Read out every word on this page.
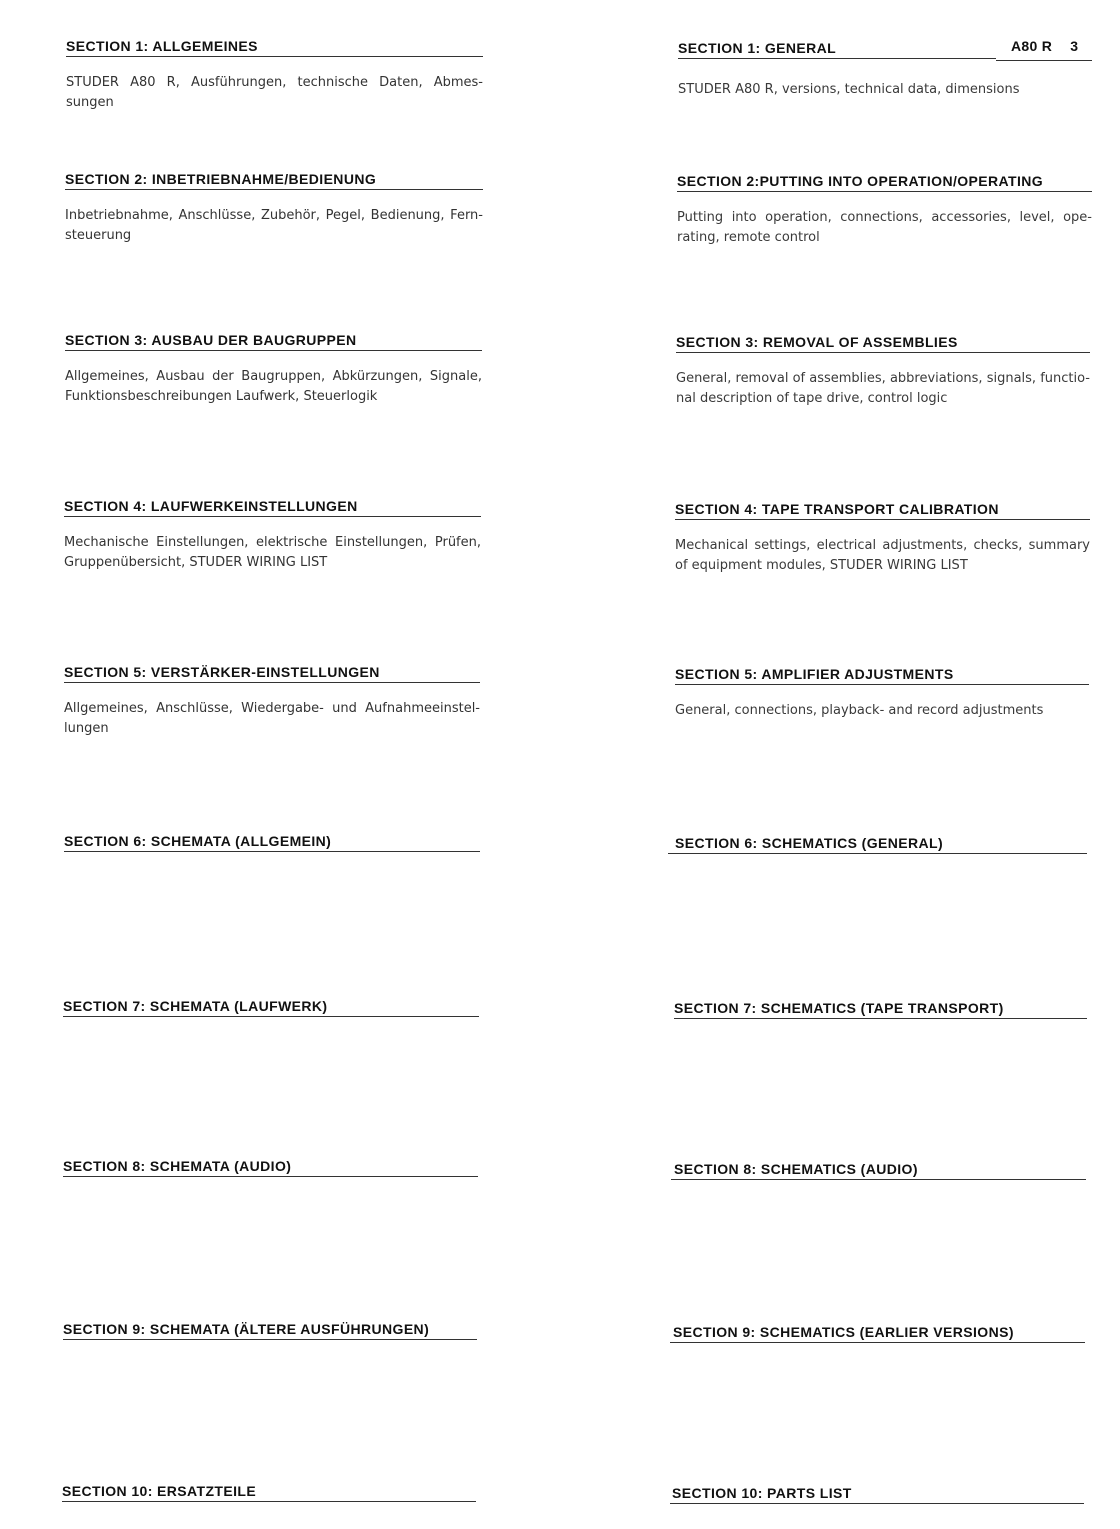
A80 R 3
SECTION 1: ALLGEMEINES
STUDER A80 R, Ausführungen, technische Daten, Abmes-sungen
SECTION 2: INBETRIEBNAHME/BEDIENUNG
Inbetriebnahme, Anschlüsse, Zubehör, Pegel, Bedienung, Fern-steuerung
SECTION 3: AUSBAU DER BAUGRUPPEN
Allgemeines, Ausbau der Baugruppen, Abkürzungen, Signale, Funktionsbeschreibungen Laufwerk, Steuerlogik
SECTION 4: LAUFWERKEINSTELLUNGEN
Mechanische Einstellungen, elektrische Einstellungen, Prüfen, Gruppenübersicht, STUDER WIRING LIST
SECTION 5: VERSTÄRKER-EINSTELLUNGEN
Allgemeines, Anschlüsse, Wiedergabe- und Aufnahmeeinstel-lungen
SECTION 6: SCHEMATA (ALLGEMEIN)
SECTION 7: SCHEMATA (LAUFWERK)
SECTION 8: SCHEMATA (AUDIO)
SECTION 9: SCHEMATA (ÄLTERE AUSFÜHRUNGEN)
SECTION 10: ERSATZTEILE
SECTION 1: GENERAL
STUDER A80 R, versions, technical data, dimensions
SECTION 2:PUTTING INTO OPERATION/OPERATING
Putting into operation, connections, accessories, level, ope-rating, remote control
SECTION 3: REMOVAL OF ASSEMBLIES
General, removal of assemblies, abbreviations, signals, functio-nal description of tape drive, control logic
SECTION 4: TAPE TRANSPORT CALIBRATION
Mechanical settings, electrical adjustments, checks, summary of equipment modules, STUDER WIRING LIST
SECTION 5: AMPLIFIER ADJUSTMENTS
General, connections, playback- and record adjustments
SECTION 6: SCHEMATICS (GENERAL)
SECTION 7: SCHEMATICS (TAPE TRANSPORT)
SECTION 8: SCHEMATICS (AUDIO)
SECTION 9: SCHEMATICS (EARLIER VERSIONS)
SECTION 10: PARTS LIST
